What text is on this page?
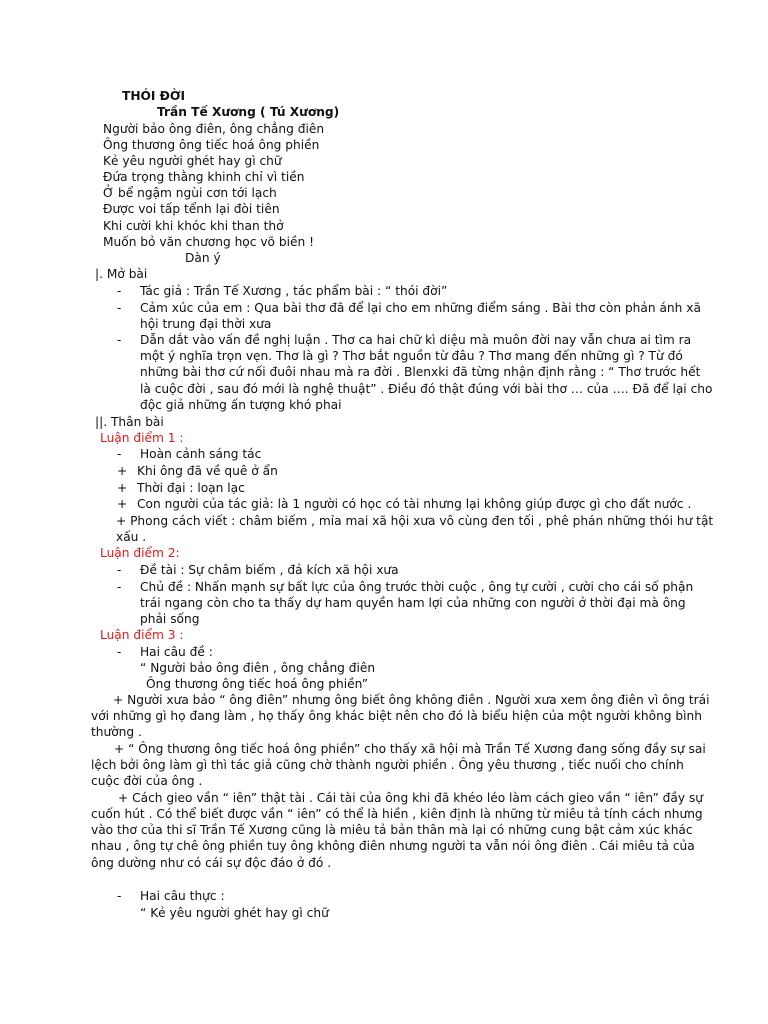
THÓI ĐỜI
Trần Tế Xương ( Tú Xương)
Người bảo ông điên, ông chẳng điên
Ông thương ông tiếc hoá ông phiền
Kẻ yêu người ghét hay gì chữ
Đứa trọng thằng khinh chỉ vì tiền
Ở bể ngậm ngùi cơn tới lạch
Được voi tấp tểnh lại đòi tiên
Khi cười khi khóc khi than thở
Muốn bỏ văn chương học võ biền !
Dàn ý
|. Mở bài
- Tác giả : Trần Tế Xương , tác phẩm bài : “ thói đời”
- Cảm xúc của em : Qua bài thơ đã để lại cho em những điểm sáng . Bài thơ còn phản ánh xã
hội trung đại thời xưa
- Dẫn dắt vào vấn đề nghị luận . Thơ ca hai chữ kì diệu mà muôn đời nay vẫn chưa ai tìm ra
một ý nghĩa trọn vẹn. Thơ là gì ? Thơ bắt nguồn từ đâu ? Thơ mang đến những gì ? Từ đó
những bài thơ cứ nối đuôi nhau mà ra đời . Blenxki đã từng nhận định rằng : “ Thơ trước hết
là cuộc đời , sau đó mới là nghệ thuật” . Điều đó thật đúng với bài thơ … của …. Đã để lại cho
độc giả những ấn tượng khó phai
||. Thân bài
Luận điểm 1 :
- Hoàn cảnh sáng tác
+ Khi ông đã về quê ở ẩn
+ Thời đại : loạn lạc
+ Con người của tác giả: là 1 người có học có tài nhưng lại không giúp được gì cho đất nước .
+ Phong cách viết : châm biếm , mỉa mai xã hội xưa vô cùng đen tối , phê phán những thói hư tật
xấu .
Luận điểm 2:
- Đề tài : Sự châm biếm , đả kích xã hội xưa
- Chủ đề : Nhấn mạnh sự bất lực của ông trước thời cuộc , ông tự cười , cười cho cái số phận
trái ngang còn cho ta thấy dự ham quyền ham lợi của những con người ở thời đại mà ông
phải sống
Luận điểm 3 :
- Hai câu đề :
“ Người bảo ông điên , ông chẳng điên
Ông thương ông tiếc hoá ông phiền”
+ Người xưa bảo “ ông điên” nhưng ông biết ông không điên . Người xưa xem ông điên vì ông trái
với những gì họ đang làm , họ thấy ông khác biệt nên cho đó là biểu hiện của một người không bình
thường .
+ “ Ông thương ông tiếc hoá ông phiền” cho thấy xã hội mà Trần Tế Xương đang sống đầy sự sai
lệch bởi ông làm gì thì tác giả cũng chờ thành người phiền . Ông yêu thương , tiếc nuối cho chính
cuộc đời của ông .
+ Cách gieo vần “ iên” thật tài . Cái tài của ông khi đã khéo léo làm cách gieo vần “ iên” đầy sự
cuốn hút . Có thể biết được vần “ iên” có thể là hiền , kiên định là những từ miêu tả tính cách nhưng
vào thơ của thi sĩ Trần Tế Xương cũng là miêu tả bản thân mà lại có những cung bật cảm xúc khác
nhau , ông tự chê ông phiền tuy ông không điên nhưng người ta vẫn nói ông điên . Cái miêu tả của
ông dường như có cái sự độc đáo ở đó .
- Hai câu thực :
“ Kẻ yêu người ghét hay gì chữ
